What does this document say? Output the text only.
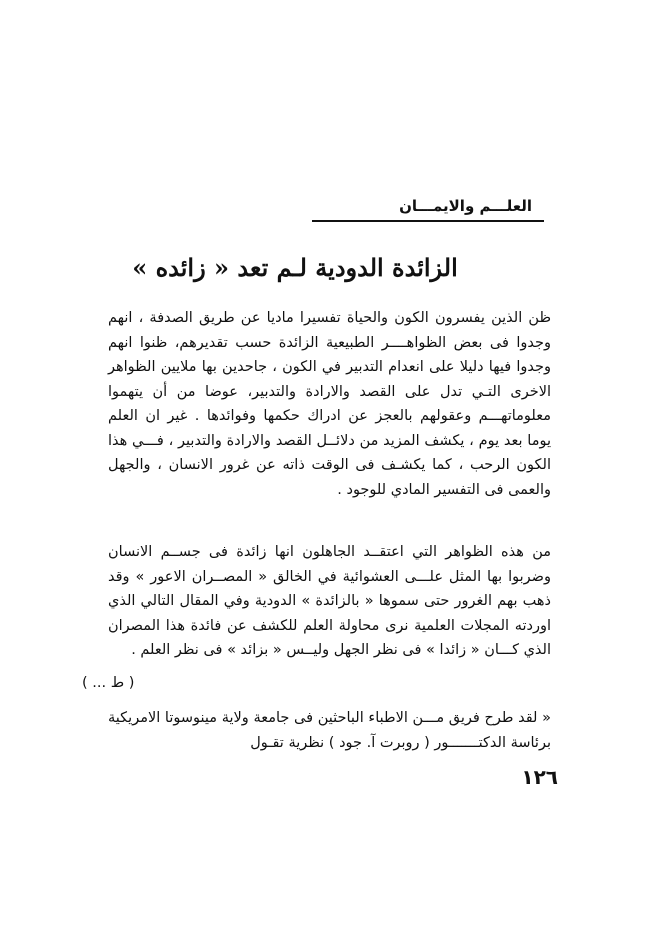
العلـــم والايمـــان
الزائدة الدودية لـم تعد « زائده »

ظن الذين يفسرون الكون والحياة تفسيرا ماديا عن طريق الصدفة ، انهم وجدوا فى بعض الظواهــــر الطبيعية الزائدة حسب تقديرهم، ظنوا انهم وجدوا فيها دليلا على انعدام التدبير في الكون ، جاحدين بها ملايين الظواهر الاخرى التـي تدل على القصد والارادة والتدبير، عوضا من أن يتهموا معلوماتهـــم وعقولهم بالعجز عن ادراك حكمها وفوائدها . غير ان العلم يوما بعد يوم ، يكشف المزيد من دلائــل القصد والارادة والتدبير ، فـــي هذا الكون الرحب ، كما يكشـف فى الوقت ذاته عن غرور الانسان ، والجهل والعمى فى التفسير المادي للوجود .

من هذه الظواهر التي اعتقــد الجاهلون انها زائدة فى جســم الانسان وضربوا بها المثل علـــى العشوائية في الخالق « المصــران الاعور » وقد ذهب بهم الغرور حتى سموها « بالزائدة » الدودية وفي المقال التالي الذي اوردته المجلات العلمية نرى محاولة العلم للكشف عن فائدة هذا المصران الذي كـــان « زائدا » فى نظر الجهل وليــس « بزائد » فى نظر العلم .

( ط ... )

« لقد طرح فريق مـــن الاطباء الباحثين فى جامعة ولاية مينوسوتا الامريكية برئاسة الدكتـــــــور ( روبرت آ. جود ) نظرية تقـول

١٢٦
